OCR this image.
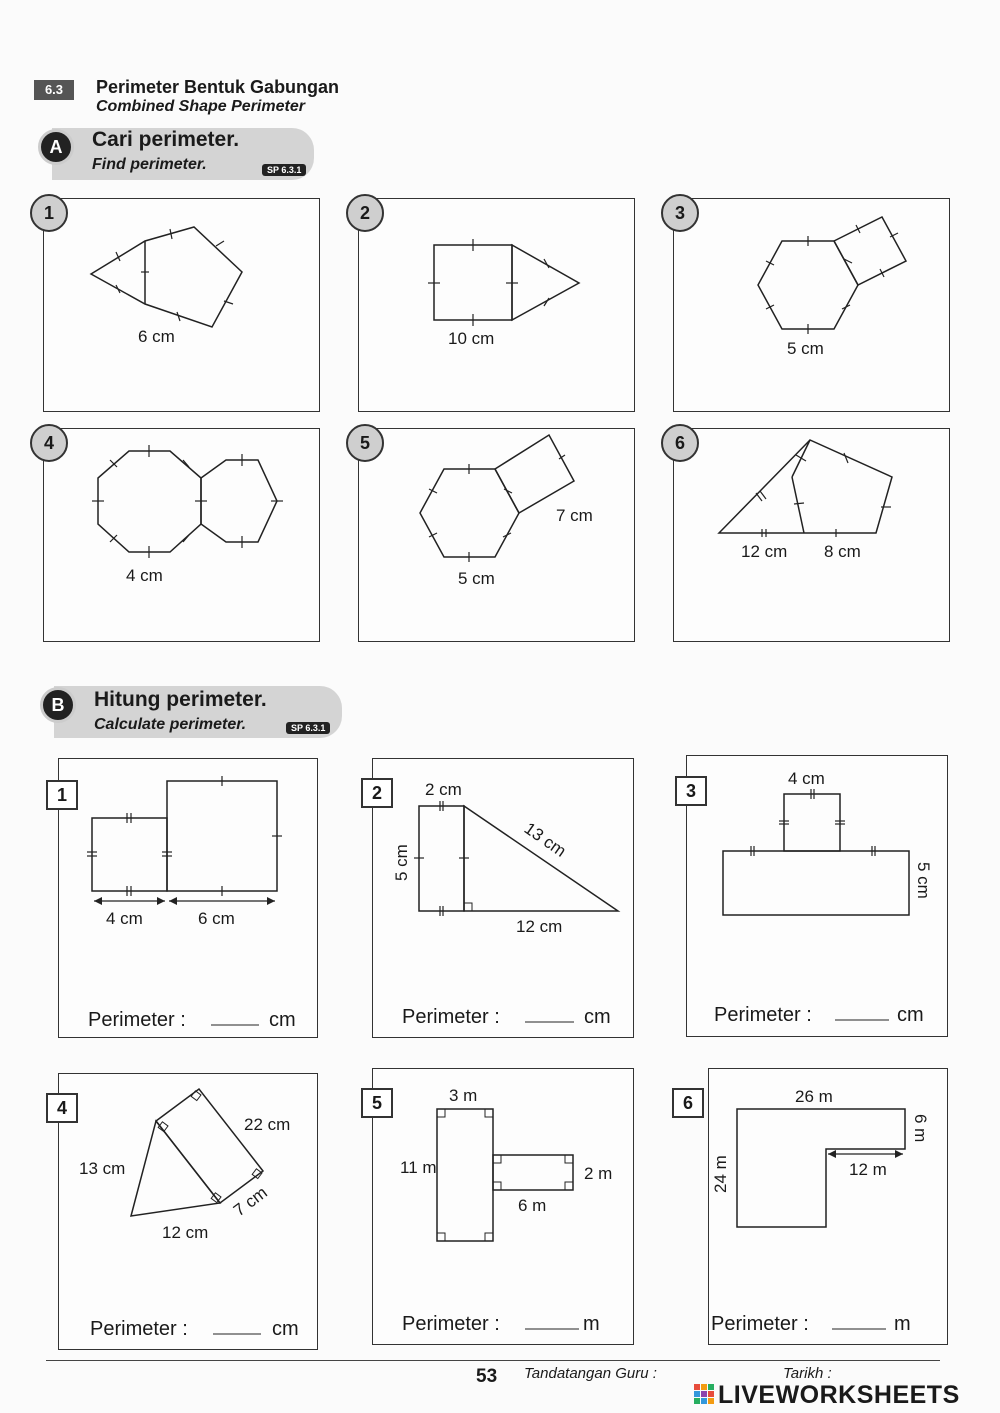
6.3	Perimeter Bentuk Gabungan
Combined Shape Perimeter
A	Cari perimeter.
Find perimeter.	SP 6.3.1
6 cm
1
10 cm
2
5 cm
3
4 cm
4
7 cm
5 cm
5
12 cm 8 cm
6
B	Hitung perimeter.
Calculate perimeter.	SP 6.3.1
4 cm	6 cm
Perimeter :	cm
1	2 cm
5 cm
13 cm
12 cm
Perimeter :	cm
2
4 cm
5 cm
Perimeter :	cm
3
22 cm
13 cm
7 cm
12 cm
Perimeter :	cm
4
3 m
11 m	2 m
6 m
Perimeter :	m
5	26 m
6 m
24 m	12 m
Perimeter :	m
6
53 Tandatangan Guru :	Tarikh :
LIVEWORKSHEETS
